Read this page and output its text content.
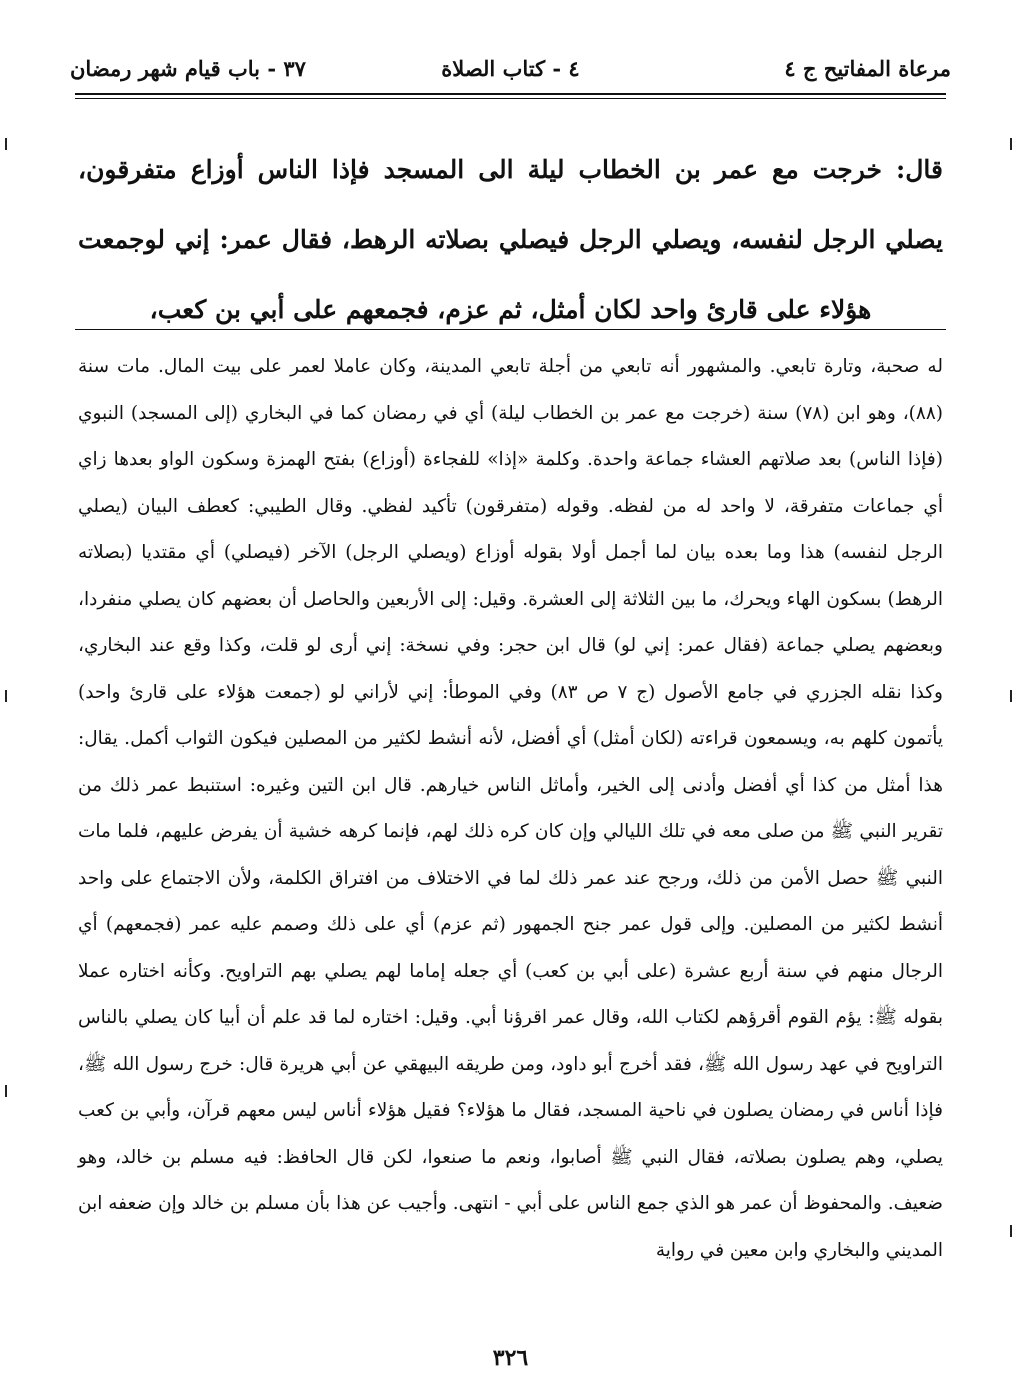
مرعاة المفاتيح ج ٤
٤ - كتاب الصلاة
٣٧ - باب قيام شهر رمضان
قال: خرجت مع عمر بن الخطاب ليلة الى المسجد فإذا الناس أوزاع متفرقون، يصلي الرجل لنفسه، ويصلي الرجل فيصلي بصلاته الرهط، فقال عمر: إني لوجمعت هؤلاء على قارئ واحد لكان أمثل، ثم عزم، فجمعهم على أبي بن كعب،
له صحبة، وتارة تابعي. والمشهور أنه تابعي من أجلة تابعي المدينة، وكان عاملا لعمر على بيت المال. مات سنة (٨٨)، وهو ابن (٧٨) سنة (خرجت مع عمر بن الخطاب ليلة) أي في رمضان كما في البخاري (إلى المسجد) النبوي (فإذا الناس) بعد صلاتهم العشاء جماعة واحدة. وكلمة «إذا» للفجاءة (أوزاع) بفتح الهمزة وسكون الواو بعدها زاي أي جماعات متفرقة، لا واحد له من لفظه. وقوله (متفرقون) تأكيد لفظي. وقال الطيبي: كعطف البيان (يصلي الرجل لنفسه) هذا وما بعده بيان لما أجمل أولا بقوله أوزاع (ويصلي الرجل) الآخر (فيصلي) أي مقتديا (بصلاته الرهط) بسكون الهاء ويحرك، ما بين الثلاثة إلى العشرة. وقيل: إلى الأربعين والحاصل أن بعضهم كان يصلي منفردا، وبعضهم يصلي جماعة (فقال عمر: إني لو) قال ابن حجر: وفي نسخة: إني أرى لو قلت، وكذا وقع عند البخاري، وكذا نقله الجزري في جامع الأصول (ج ٧ ص ٨٣) وفي الموطأ: إني لأراني لو (جمعت هؤلاء على قارئ واحد) يأتمون كلهم به، ويسمعون قراءته (لكان أمثل) أي أفضل، لأنه أنشط لكثير من المصلين فيكون الثواب أكمل. يقال: هذا أمثل من كذا أي أفضل وأدنى إلى الخير، وأماثل الناس خيارهم. قال ابن التين وغيره: استنبط عمر ذلك من تقرير النبي ﷺ من صلى معه في تلك الليالي وإن كان كره ذلك لهم، فإنما كرهه خشية أن يفرض عليهم، فلما مات النبي ﷺ حصل الأمن من ذلك، ورجح عند عمر ذلك لما في الاختلاف من افتراق الكلمة، ولأن الاجتماع على واحد أنشط لكثير من المصلين. وإلى قول عمر جنح الجمهور (ثم عزم) أي على ذلك وصمم عليه عمر (فجمعهم) أي الرجال منهم في سنة أربع عشرة (على أبي بن كعب) أي جعله إماما لهم يصلي بهم التراويح. وكأنه اختاره عملا بقوله ﷺ: يؤم القوم أقرؤهم لكتاب الله، وقال عمر اقرؤنا أبي. وقيل: اختاره لما قد علم أن أبيا كان يصلي بالناس التراويح في عهد رسول الله ﷺ، فقد أخرج أبو داود، ومن طريقه البيهقي عن أبي هريرة قال: خرج رسول الله ﷺ، فإذا أناس في رمضان يصلون في ناحية المسجد، فقال ما هؤلاء؟ فقيل هؤلاء أناس ليس معهم قرآن، وأبي بن كعب يصلي، وهم يصلون بصلاته، فقال النبي ﷺ أصابوا، ونعم ما صنعوا، لكن قال الحافظ: فيه مسلم بن خالد، وهو ضعيف. والمحفوظ أن عمر هو الذي جمع الناس على أبي - انتهى. وأجيب عن هذا بأن مسلم بن خالد وإن ضعفه ابن المديني والبخاري وابن معين في رواية
٣٢٦
